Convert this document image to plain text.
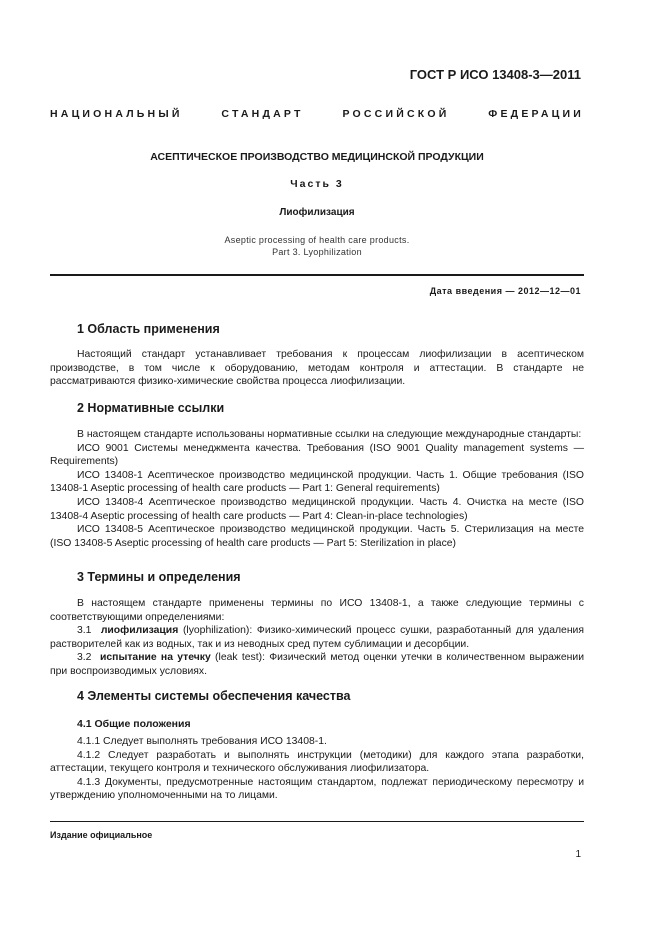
ГОСТ Р ИСО 13408-3—2011
НАЦИОНАЛЬНЫЙ	СТАНДАРТ	РОССИЙСКОЙ	ФЕДЕРАЦИИ
АСЕПТИЧЕСКОЕ ПРОИЗВОДСТВО МЕДИЦИНСКОЙ ПРОДУКЦИИ
Часть 3
Лиофилизация
Aseptic processing of health care products.
Part 3. Lyophilization
Дата введения — 2012—12—01
1 Область применения

Настоящий стандарт устанавливает требования к процессам лиофилизации в асептическом производстве, в том числе к оборудованию, методам контроля и аттестации. В стандарте не рассматриваются физико-химические свойства процесса лиофилизации.

2 Нормативные ссылки

В настоящем стандарте использованы нормативные ссылки на следующие международные стандарты:

ИСО 9001 Системы менеджмента качества. Требования (ISO 9001 Quality management systems — Requirements)

ИСО 13408-1 Асептическое производство медицинской продукции. Часть 1. Общие требования (ISO 13408-1 Aseptic processing of health care products — Part 1: General requirements)

ИСО 13408-4 Асептическое производство медицинской продукции. Часть 4. Очистка на месте (ISO 13408-4 Aseptic processing of health care products — Part 4: Clean-in-place technologies)

ИСО 13408-5 Асептическое производство медицинской продукции. Часть 5. Стерилизация на месте (ISO 13408-5 Aseptic processing of health care products — Part 5: Sterilization in place)

3 Термины и определения

В настоящем стандарте применены термины по ИСО 13408-1, а также следующие термины с соответствующими определениями:

3.1 лиофилизация (lyophilization): Физико-химический процесс сушки, разработанный для удаления растворителей как из водных, так и из неводных сред путем сублимации и десорбции.

3.2 испытание на утечку (leak test): Физический метод оценки утечки в количественном выражении при воспроизводимых условиях.

4 Элементы системы обеспечения качества
4.1 Общие положения

4.1.1 Следует выполнять требования ИСО 13408-1.

4.1.2 Следует разработать и выполнять инструкции (методики) для каждого этапа разработки, аттестации, текущего контроля и технического обслуживания лиофилизатора.

4.1.3 Документы, предусмотренные настоящим стандартом, подлежат периодическому пересмотру и утверждению уполномоченными на то лицами.

Издание официальное
1
